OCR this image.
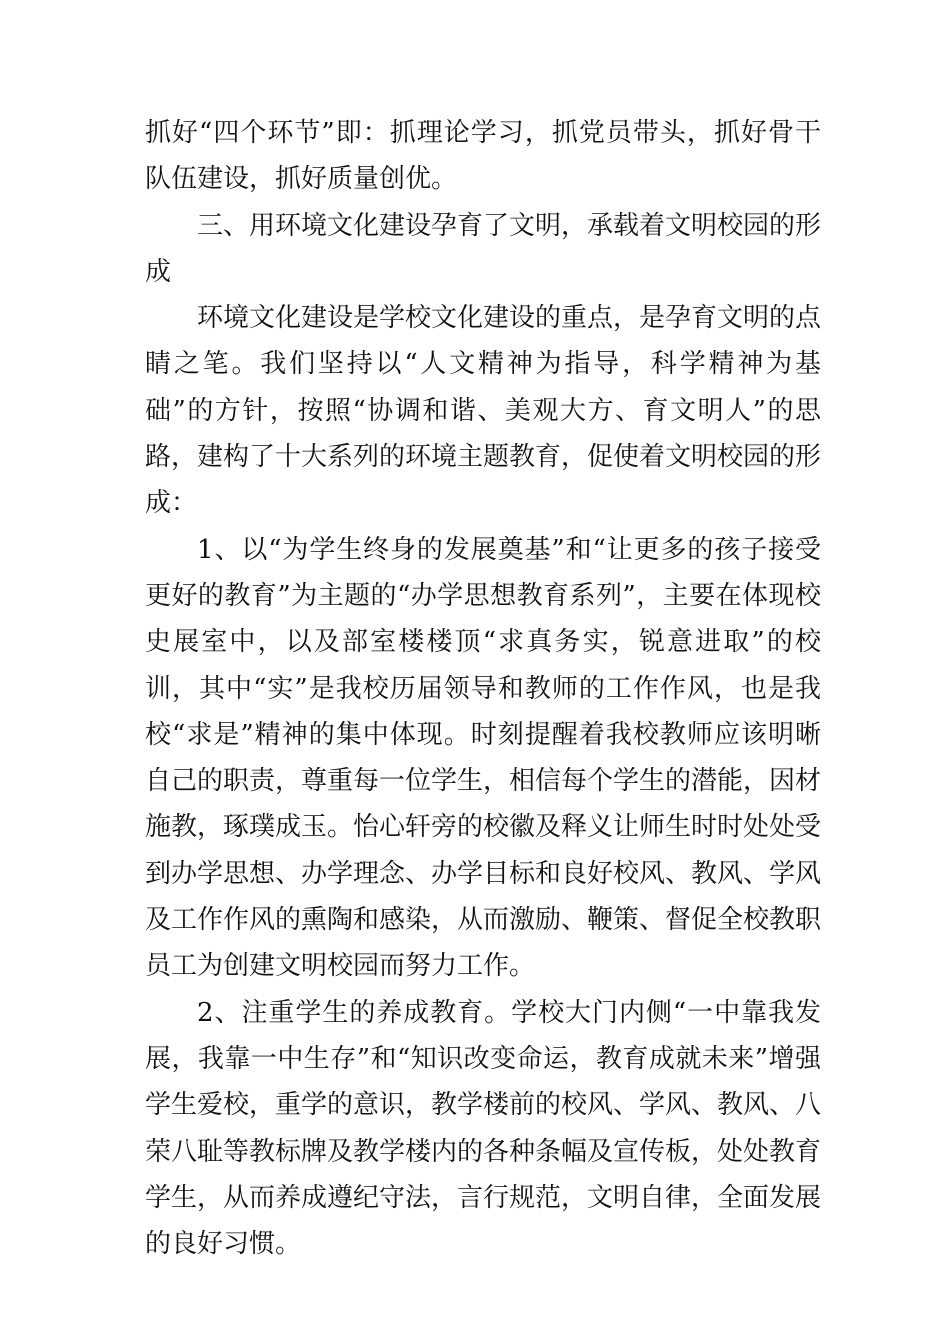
抓好“四个环节”即：抓理论学习，抓党员带头，抓好骨干队伍建设，抓好质量创优。

三、用环境文化建设孕育了文明，承载着文明校园的形成

环境文化建设是学校文化建设的重点，是孕育文明的点睛之笔。我们坚持以“人文精神为指导，科学精神为基础”的方针，按照“协调和谐、美观大方、育文明人”的思路，建构了十大系列的环境主题教育，促使着文明校园的形成：

1、以“为学生终身的发展奠基”和“让更多的孩子接受更好的教育”为主题的“办学思想教育系列”，主要在体现校史展室中，以及部室楼楼顶“求真务实，锐意进取”的校训，其中“实”是我校历届领导和教师的工作作风，也是我校“求是”精神的集中体现。时刻提醒着我校教师应该明晰自己的职责，尊重每一位学生，相信每个学生的潜能，因材施教，琢璞成玉。怡心轩旁的校徽及释义让师生时时处处受到办学思想、办学理念、办学目标和良好校风、教风、学风及工作作风的熏陶和感染，从而激励、鞭策、督促全校教职员工为创建文明校园而努力工作。

2、注重学生的养成教育。学校大门内侧“一中靠我发展，我靠一中生存”和“知识改变命运，教育成就未来”增强学生爱校，重学的意识，教学楼前的校风、学风、教风、八荣八耻等教标牌及教学楼内的各种条幅及宣传板，处处教育学生，从而养成遵纪守法，言行规范，文明自律，全面发展的良好习惯。
